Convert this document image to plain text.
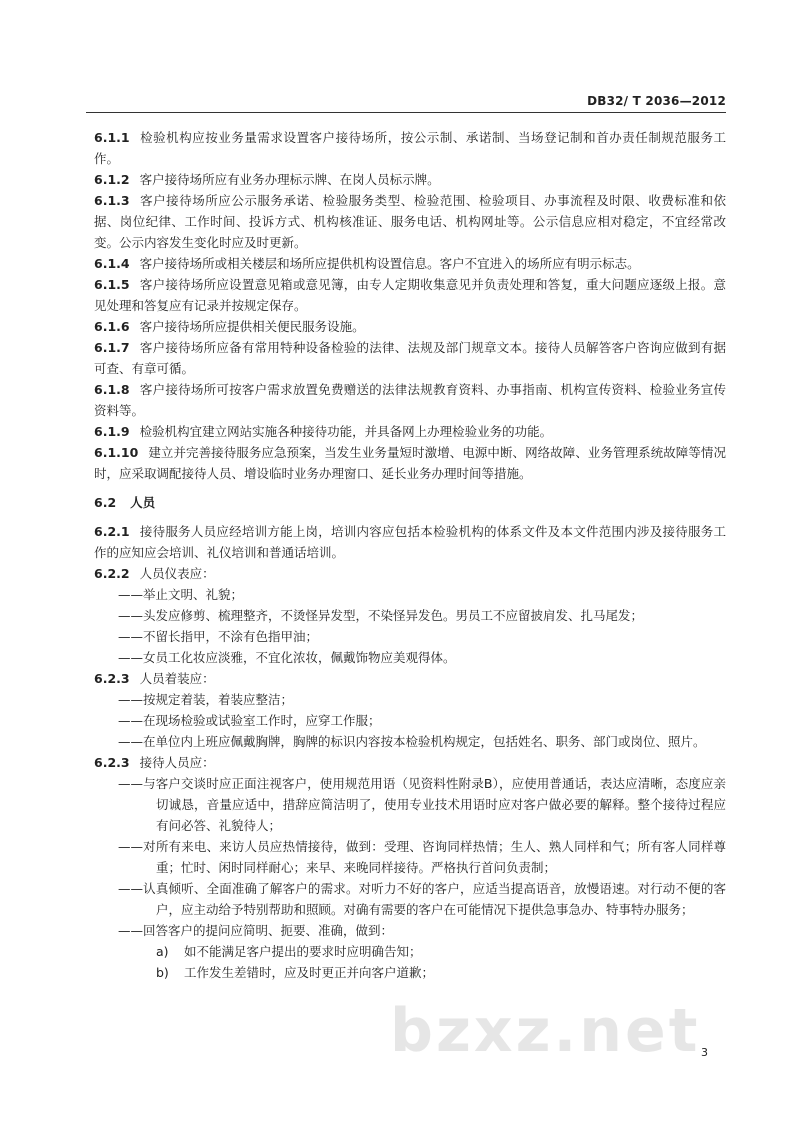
DB32/ T 2036—2012

6.1.1 检验机构应按业务量需求设置客户接待场所，按公示制、承诺制、当场登记制和首办责任制规范服务工作。

6.1.2 客户接待场所应有业务办理标示牌、在岗人员标示牌。

6.1.3 客户接待场所应公示服务承诺、检验服务类型、检验范围、检验项目、办事流程及时限、收费标准和依据、岗位纪律、工作时间、投诉方式、机构核准证、服务电话、机构网址等。公示信息应相对稳定，不宜经常改变。公示内容发生变化时应及时更新。

6.1.4 客户接待场所或相关楼层和场所应提供机构设置信息。客户不宜进入的场所应有明示标志。

6.1.5 客户接待场所应设置意见箱或意见簿，由专人定期收集意见并负责处理和答复，重大问题应逐级上报。意见处理和答复应有记录并按规定保存。

6.1.6 客户接待场所应提供相关便民服务设施。

6.1.7 客户接待场所应备有常用特种设备检验的法律、法规及部门规章文本。接待人员解答客户咨询应做到有据可查、有章可循。

6.1.8 客户接待场所可按客户需求放置免费赠送的法律法规教育资料、办事指南、机构宣传资料、检验业务宣传资料等。

6.1.9 检验机构宜建立网站实施各种接待功能，并具备网上办理检验业务的功能。

6.1.10 建立并完善接待服务应急预案，当发生业务量短时激增、电源中断、网络故障、业务管理系统故障等情况时，应采取调配接待人员、增设临时业务办理窗口、延长业务办理时间等措施。

6.2 人员

6.2.1 接待服务人员应经培训方能上岗，培训内容应包括本检验机构的体系文件及本文件范围内涉及接待服务工作的应知应会培训、礼仪培训和普通话培训。

6.2.2 人员仪表应：

——举止文明、礼貌；

——头发应修剪、梳理整齐，不烫怪异发型，不染怪异发色。男员工不应留披肩发、扎马尾发；

——不留长指甲，不涂有色指甲油；

——女员工化妆应淡雅，不宜化浓妆，佩戴饰物应美观得体。

6.2.3 人员着装应：

——按规定着装，着装应整洁；

——在现场检验或试验室工作时，应穿工作服；

——在单位内上班应佩戴胸牌，胸牌的标识内容按本检验机构规定，包括姓名、职务、部门或岗位、照片。

6.2.3 接待人员应：

——与客户交谈时应正面注视客户，使用规范用语（见资料性附录B），应使用普通话，表达应清晰，态度应亲切诚恳，音量应适中，措辞应简洁明了，使用专业技术用语时应对客户做必要的解释。整个接待过程应有问必答、礼貌待人；

——对所有来电、来访人员应热情接待，做到：受理、咨询同样热情；生人、熟人同样和气；所有客人同样尊重；忙时、闲时同样耐心；来早、来晚同样接待。严格执行首问负责制；

——认真倾听、全面准确了解客户的需求。对听力不好的客户，应适当提高语音，放慢语速。对行动不便的客户，应主动给予特别帮助和照顾。对确有需要的客户在可能情况下提供急事急办、特事特办服务；

——回答客户的提问应简明、扼要、准确，做到：

a) 如不能满足客户提出的要求时应明确告知；

b) 工作发生差错时，应及时更正并向客户道歉；

bzxz.net 3
